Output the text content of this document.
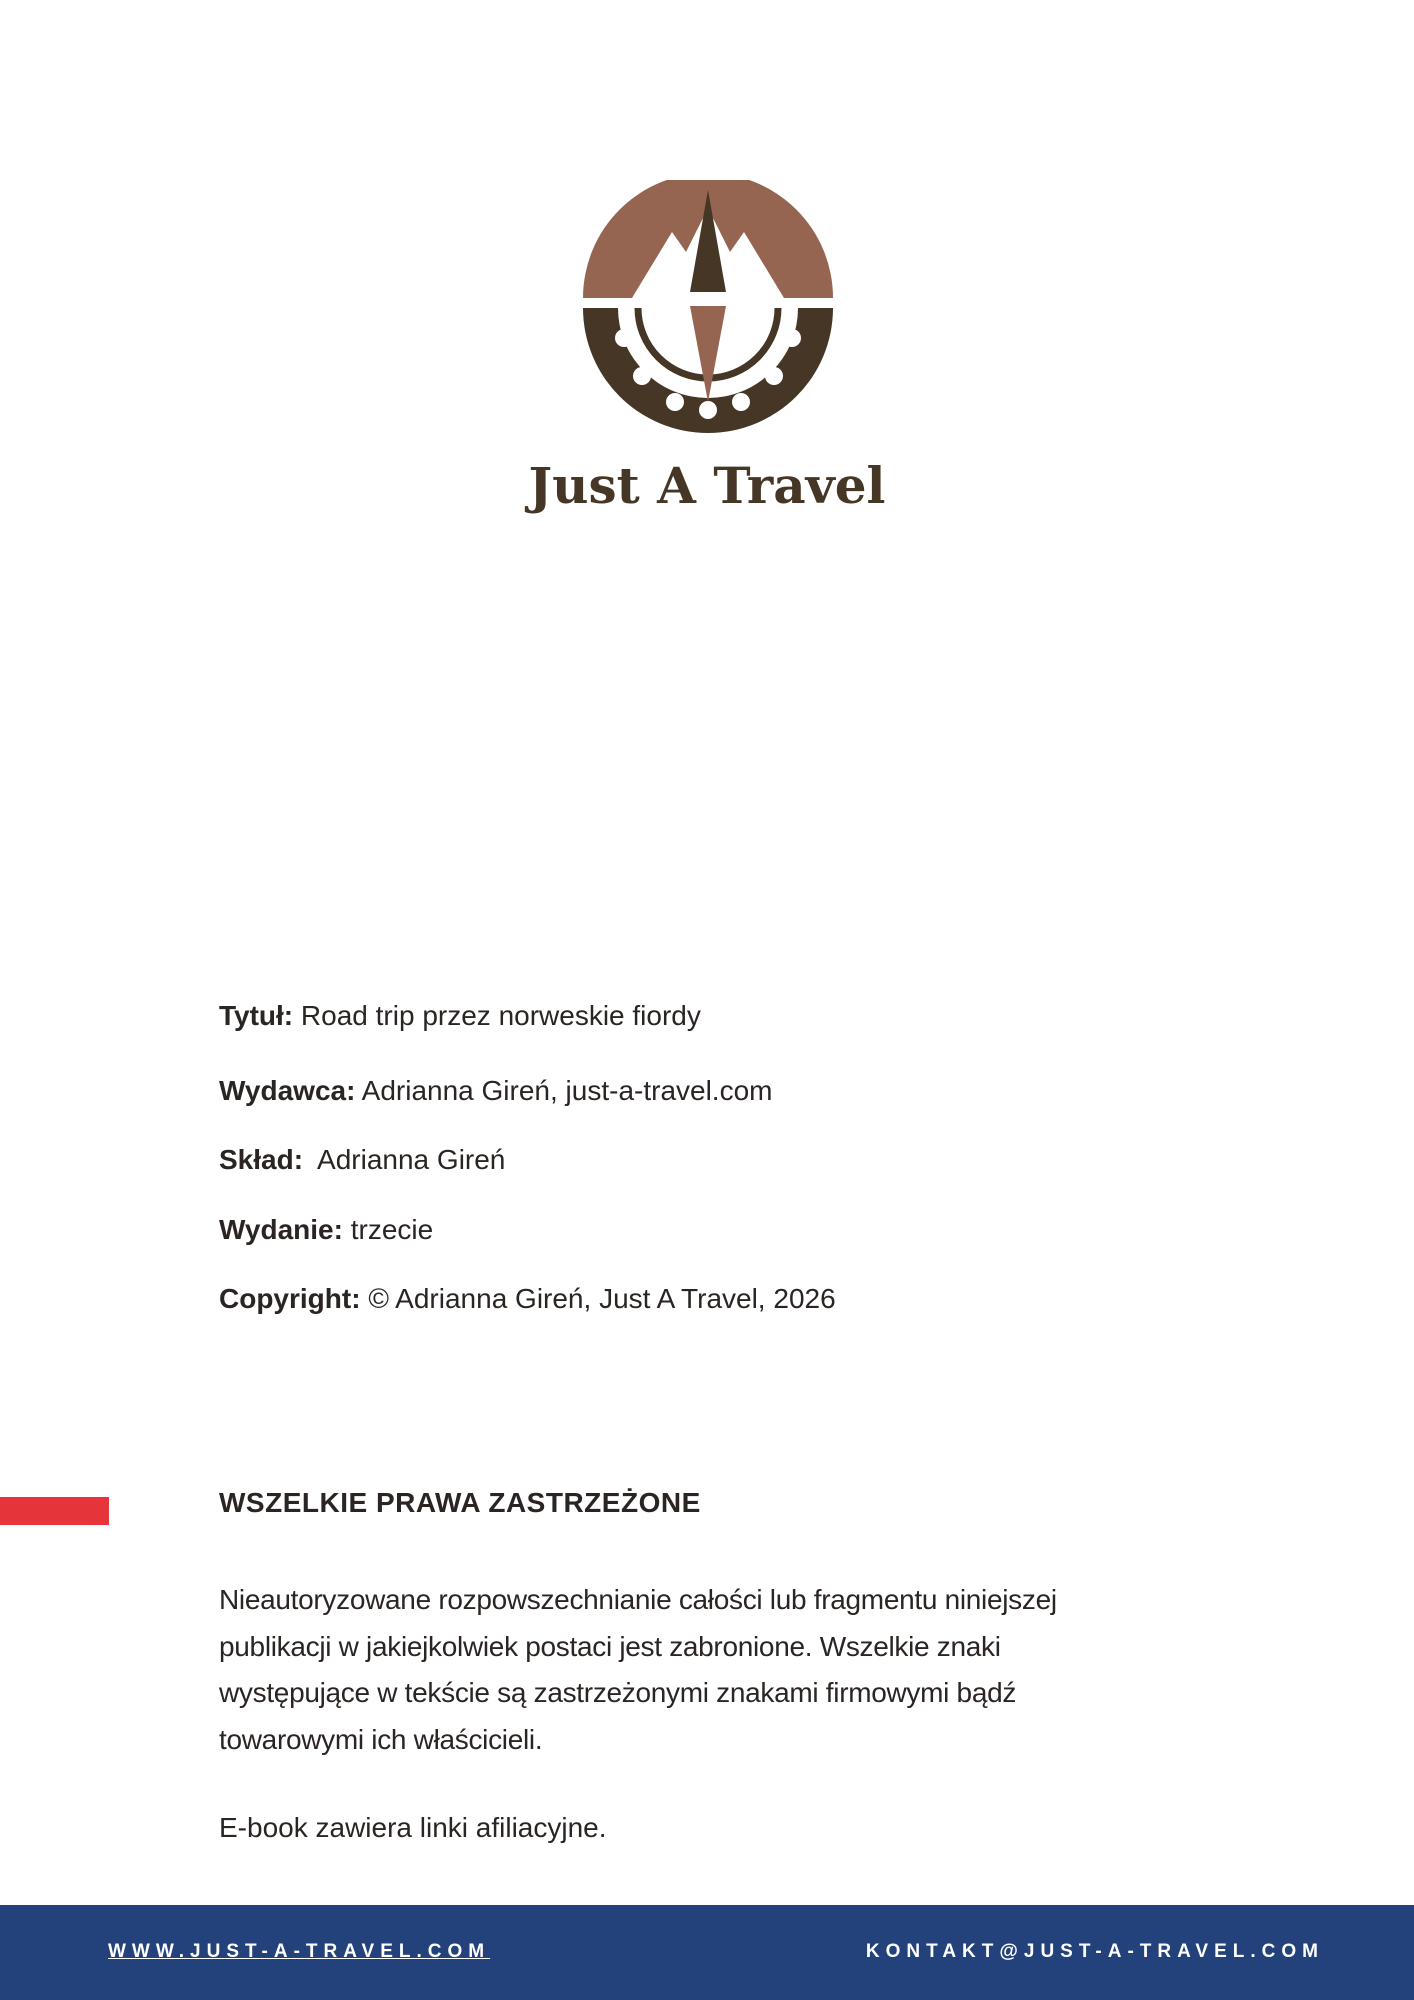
Just A Travel
Tytuł: Road trip przez norweskie fiordy
Wydawca: Adrianna Gireń, just-a-travel.com
Skład: Adrianna Gireń
Wydanie: trzecie
Copyright: © Adrianna Gireń, Just A Travel, 2026
WSZELKIE PRAWA ZASTRZEŻONE
Nieautoryzowane rozpowszechnianie całości lub fragmentu niniejszej publikacji w jakiejkolwiek postaci jest zabronione. Wszelkie znaki występujące w tekście są zastrzeżonymi znakami firmowymi bądź towarowymi ich właścicieli.
E-book zawiera linki afiliacyjne.
WWW.JUST-A-TRAVEL.COM	KONTAKT@JUST-A-TRAVEL.COM
